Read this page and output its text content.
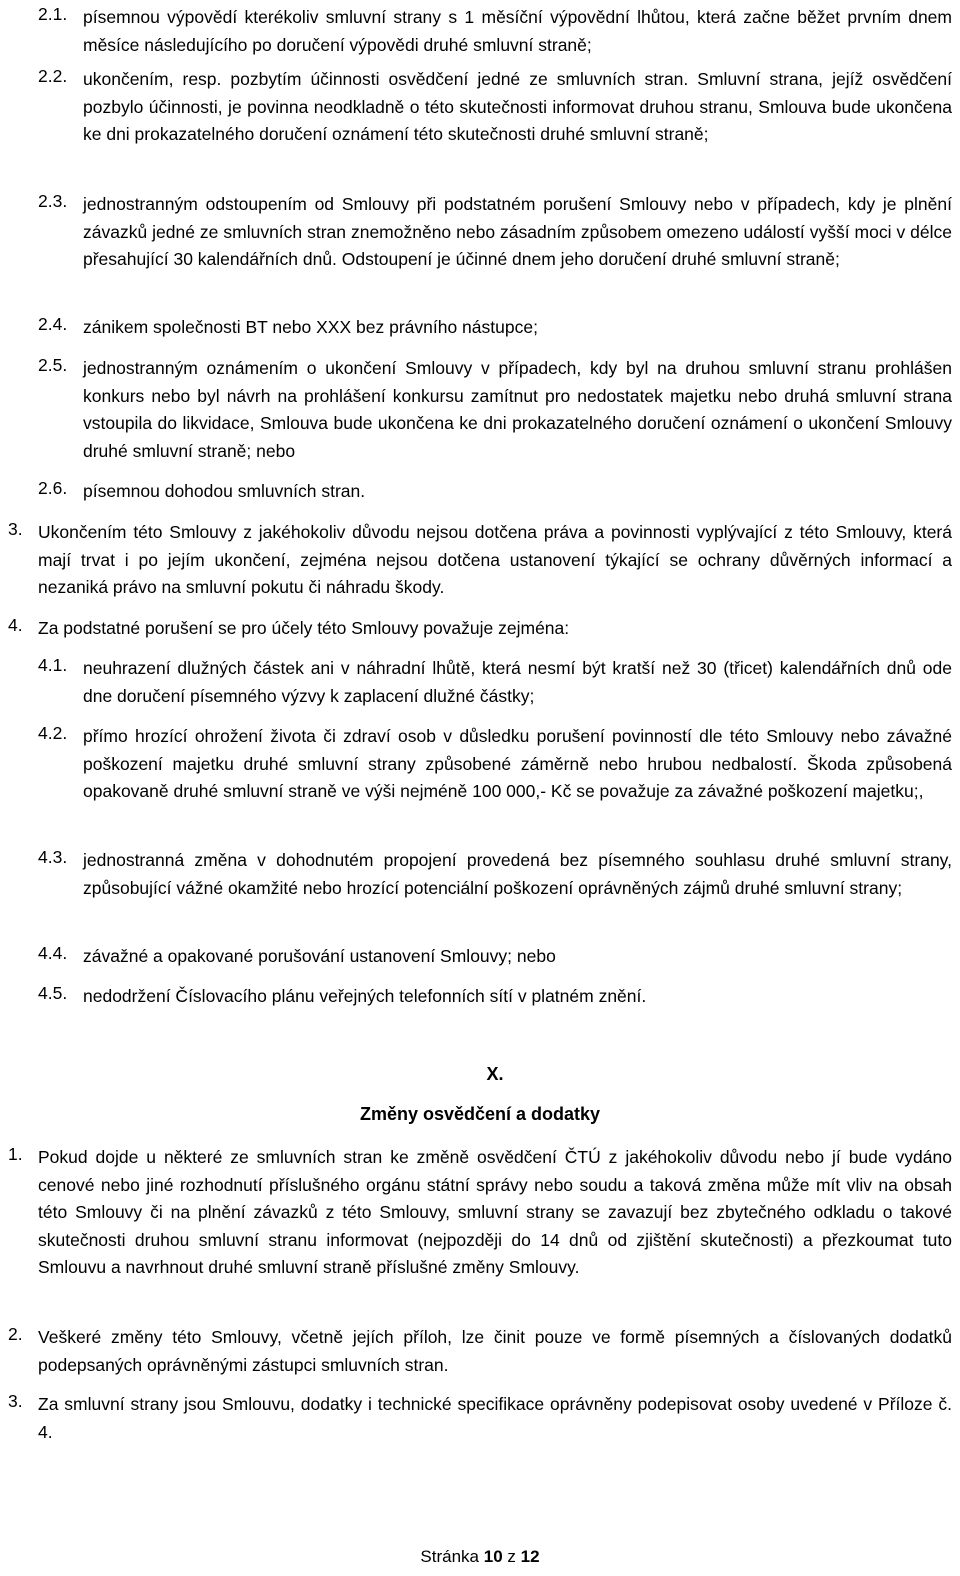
2.1. písemnou výpovědí kterékoliv smluvní strany s 1 měsíční výpovědní lhůtou, která začne běžet prvním dnem měsíce následujícího po doručení výpovědi druhé smluvní straně;
2.2. ukončením, resp. pozbytím účinnosti osvědčení jedné ze smluvních stran. Smluvní strana, jejíž osvědčení pozbylo účinnosti, je povinna neodkladně o této skutečnosti informovat druhou stranu, Smlouva bude ukončena ke dni prokazatelného doručení oznámení této skutečnosti druhé smluvní straně;
2.3. jednostranným odstoupením od Smlouvy při podstatném porušení Smlouvy nebo v případech, kdy je plnění závazků jedné ze smluvních stran znemožněno nebo zásadním způsobem omezeno událostí vyšší moci v délce přesahující 30 kalendářních dnů. Odstoupení je účinné dnem jeho doručení druhé smluvní straně;
2.4. zánikem společnosti BT nebo XXX bez právního nástupce;
2.5. jednostranným oznámením o ukončení Smlouvy v případech, kdy byl na druhou smluvní stranu prohlášen konkurs nebo byl návrh na prohlášení konkursu zamítnut pro nedostatek majetku nebo druhá smluvní strana vstoupila do likvidace, Smlouva bude ukončena ke dni prokazatelného doručení oznámení o ukončení Smlouvy druhé smluvní straně; nebo
2.6. písemnou dohodou smluvních stran.
3. Ukončením této Smlouvy z jakéhokoliv důvodu nejsou dotčena práva a povinnosti vyplývající z této Smlouvy, která mají trvat i po jejím ukončení, zejména nejsou dotčena ustanovení týkající se ochrany důvěrných informací a nezaniká právo na smluvní pokutu či náhradu škody.
4. Za podstatné porušení se pro účely této Smlouvy považuje zejména:
4.1. neuhrazení dlužných částek ani v náhradní lhůtě, která nesmí být kratší než 30 (třicet) kalendářních dnů ode dne doručení písemného výzvy k zaplacení dlužné částky;
4.2. přímo hrozící ohrožení života či zdraví osob v důsledku porušení povinností dle této Smlouvy nebo závažné poškození majetku druhé smluvní strany způsobené záměrně nebo hrubou nedbalostí. Škoda způsobená opakovaně druhé smluvní straně ve výši nejméně 100 000,- Kč se považuje za závažné poškození majetku;,
4.3. jednostranná změna v dohodnutém propojení provedená bez písemného souhlasu druhé smluvní strany, způsobující vážné okamžité nebo hrozící potenciální poškození oprávněných zájmů druhé smluvní strany;
4.4. závažné a opakované porušování ustanovení Smlouvy; nebo
4.5. nedodržení Číslovacího plánu veřejných telefonních sítí v platném znění.
X.
Změny osvědčení a dodatky
1. Pokud dojde u některé ze smluvních stran ke změně osvědčení ČTÚ z jakéhokoliv důvodu nebo jí bude vydáno cenové nebo jiné rozhodnutí příslušného orgánu státní správy nebo soudu a taková změna může mít vliv na obsah této Smlouvy či na plnění závazků z této Smlouvy, smluvní strany se zavazují bez zbytečného odkladu o takové skutečnosti druhou smluvní stranu informovat (nejpozději do 14 dnů od zjištění skutečnosti) a přezkoumat tuto Smlouvu a navrhnout druhé smluvní straně příslušné změny Smlouvy.
2. Veškeré změny této Smlouvy, včetně jejích příloh, lze činit pouze ve formě písemných a číslovaných dodatků podepsaných oprávněnými zástupci smluvních stran.
3. Za smluvní strany jsou Smlouvu, dodatky i technické specifikace oprávněny podepisovat osoby uvedené v Příloze č. 4.
Stránka 10 z 12
